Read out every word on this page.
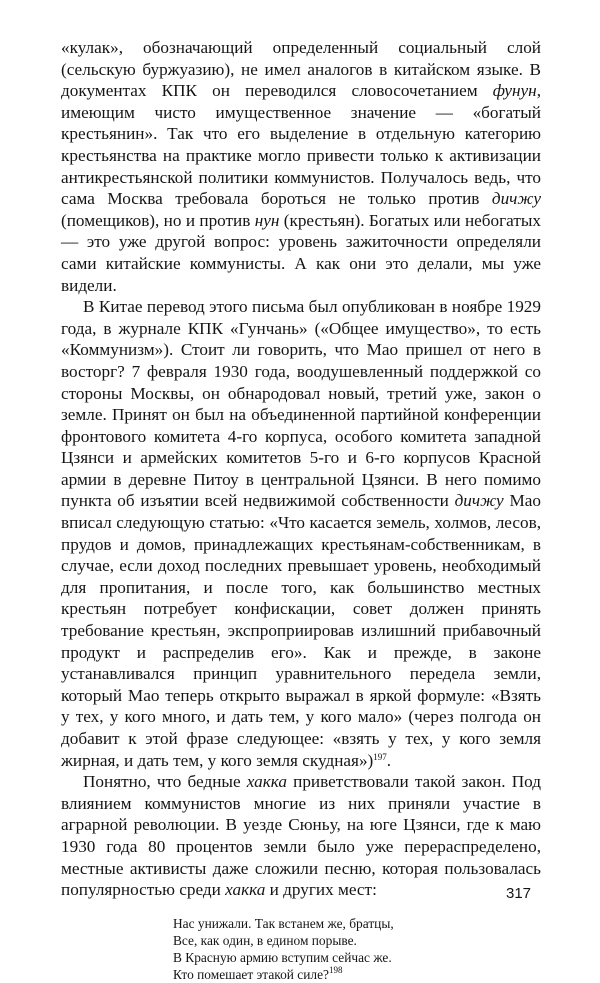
«кулак», обозначающий определенный социальный слой (сельскую буржуазию), не имел аналогов в китайском языке. В документах КПК он переводился словосочетанием фунун, имеющим чисто имущественное значение — «богатый крестьянин». Так что его выделение в отдельную категорию крестьянства на практике могло привести только к активизации антикрестьянской политики коммунистов. Получалось ведь, что сама Москва требовала бороться не только против дичжу (помещиков), но и против нун (крестьян). Богатых или небогатых — это уже другой вопрос: уровень зажиточности определяли сами китайские коммунисты. А как они это делали, мы уже видели.

В Китае перевод этого письма был опубликован в ноябре 1929 года, в журнале КПК «Гунчань» («Общее имущество», то есть «Коммунизм»). Стоит ли говорить, что Мао пришел от него в восторг? 7 февраля 1930 года, воодушевленный поддержкой со стороны Москвы, он обнародовал новый, третий уже, закон о земле. Принят он был на объединенной партийной конференции фронтового комитета 4-го корпуса, особого комитета западной Цзянси и армейских комитетов 5-го и 6-го корпусов Красной армии в деревне Питоу в центральной Цзянси. В него помимо пункта об изъятии всей недвижимой собственности дичжу Мао вписал следующую статью: «Что касается земель, холмов, лесов, прудов и домов, принадлежащих крестьянам-собственникам, в случае, если доход последних превышает уровень, необходимый для пропитания, и после того, как большинство местных крестьян потребует конфискации, совет должен принять требование крестьян, экспроприировав излишний прибавочный продукт и распределив его». Как и прежде, в законе устанавливался принцип уравнительного передела земли, который Мао теперь открыто выражал в яркой формуле: «Взять у тех, у кого много, и дать тем, у кого мало» (через полгода он добавит к этой фразе следующее: «взять у тех, у кого земля жирная, и дать тем, у кого земля скудная»)$^{197}$.

Понятно, что бедные хакка приветствовали такой закон. Под влиянием коммунистов многие из них приняли участие в аграрной революции. В уезде Сюньу, на юге Цзянси, где к маю 1930 года 80 процентов земли было уже перераспределено, местные активисты даже сложили песню, которая пользовалась популярностью среди хакка и других мест:

Нас унижали. Так встанем же, братцы,
Все, как один, в едином порыве.
В Красную армию вступим сейчас же.
Кто помешает этакой силе?$^{198}$
317
